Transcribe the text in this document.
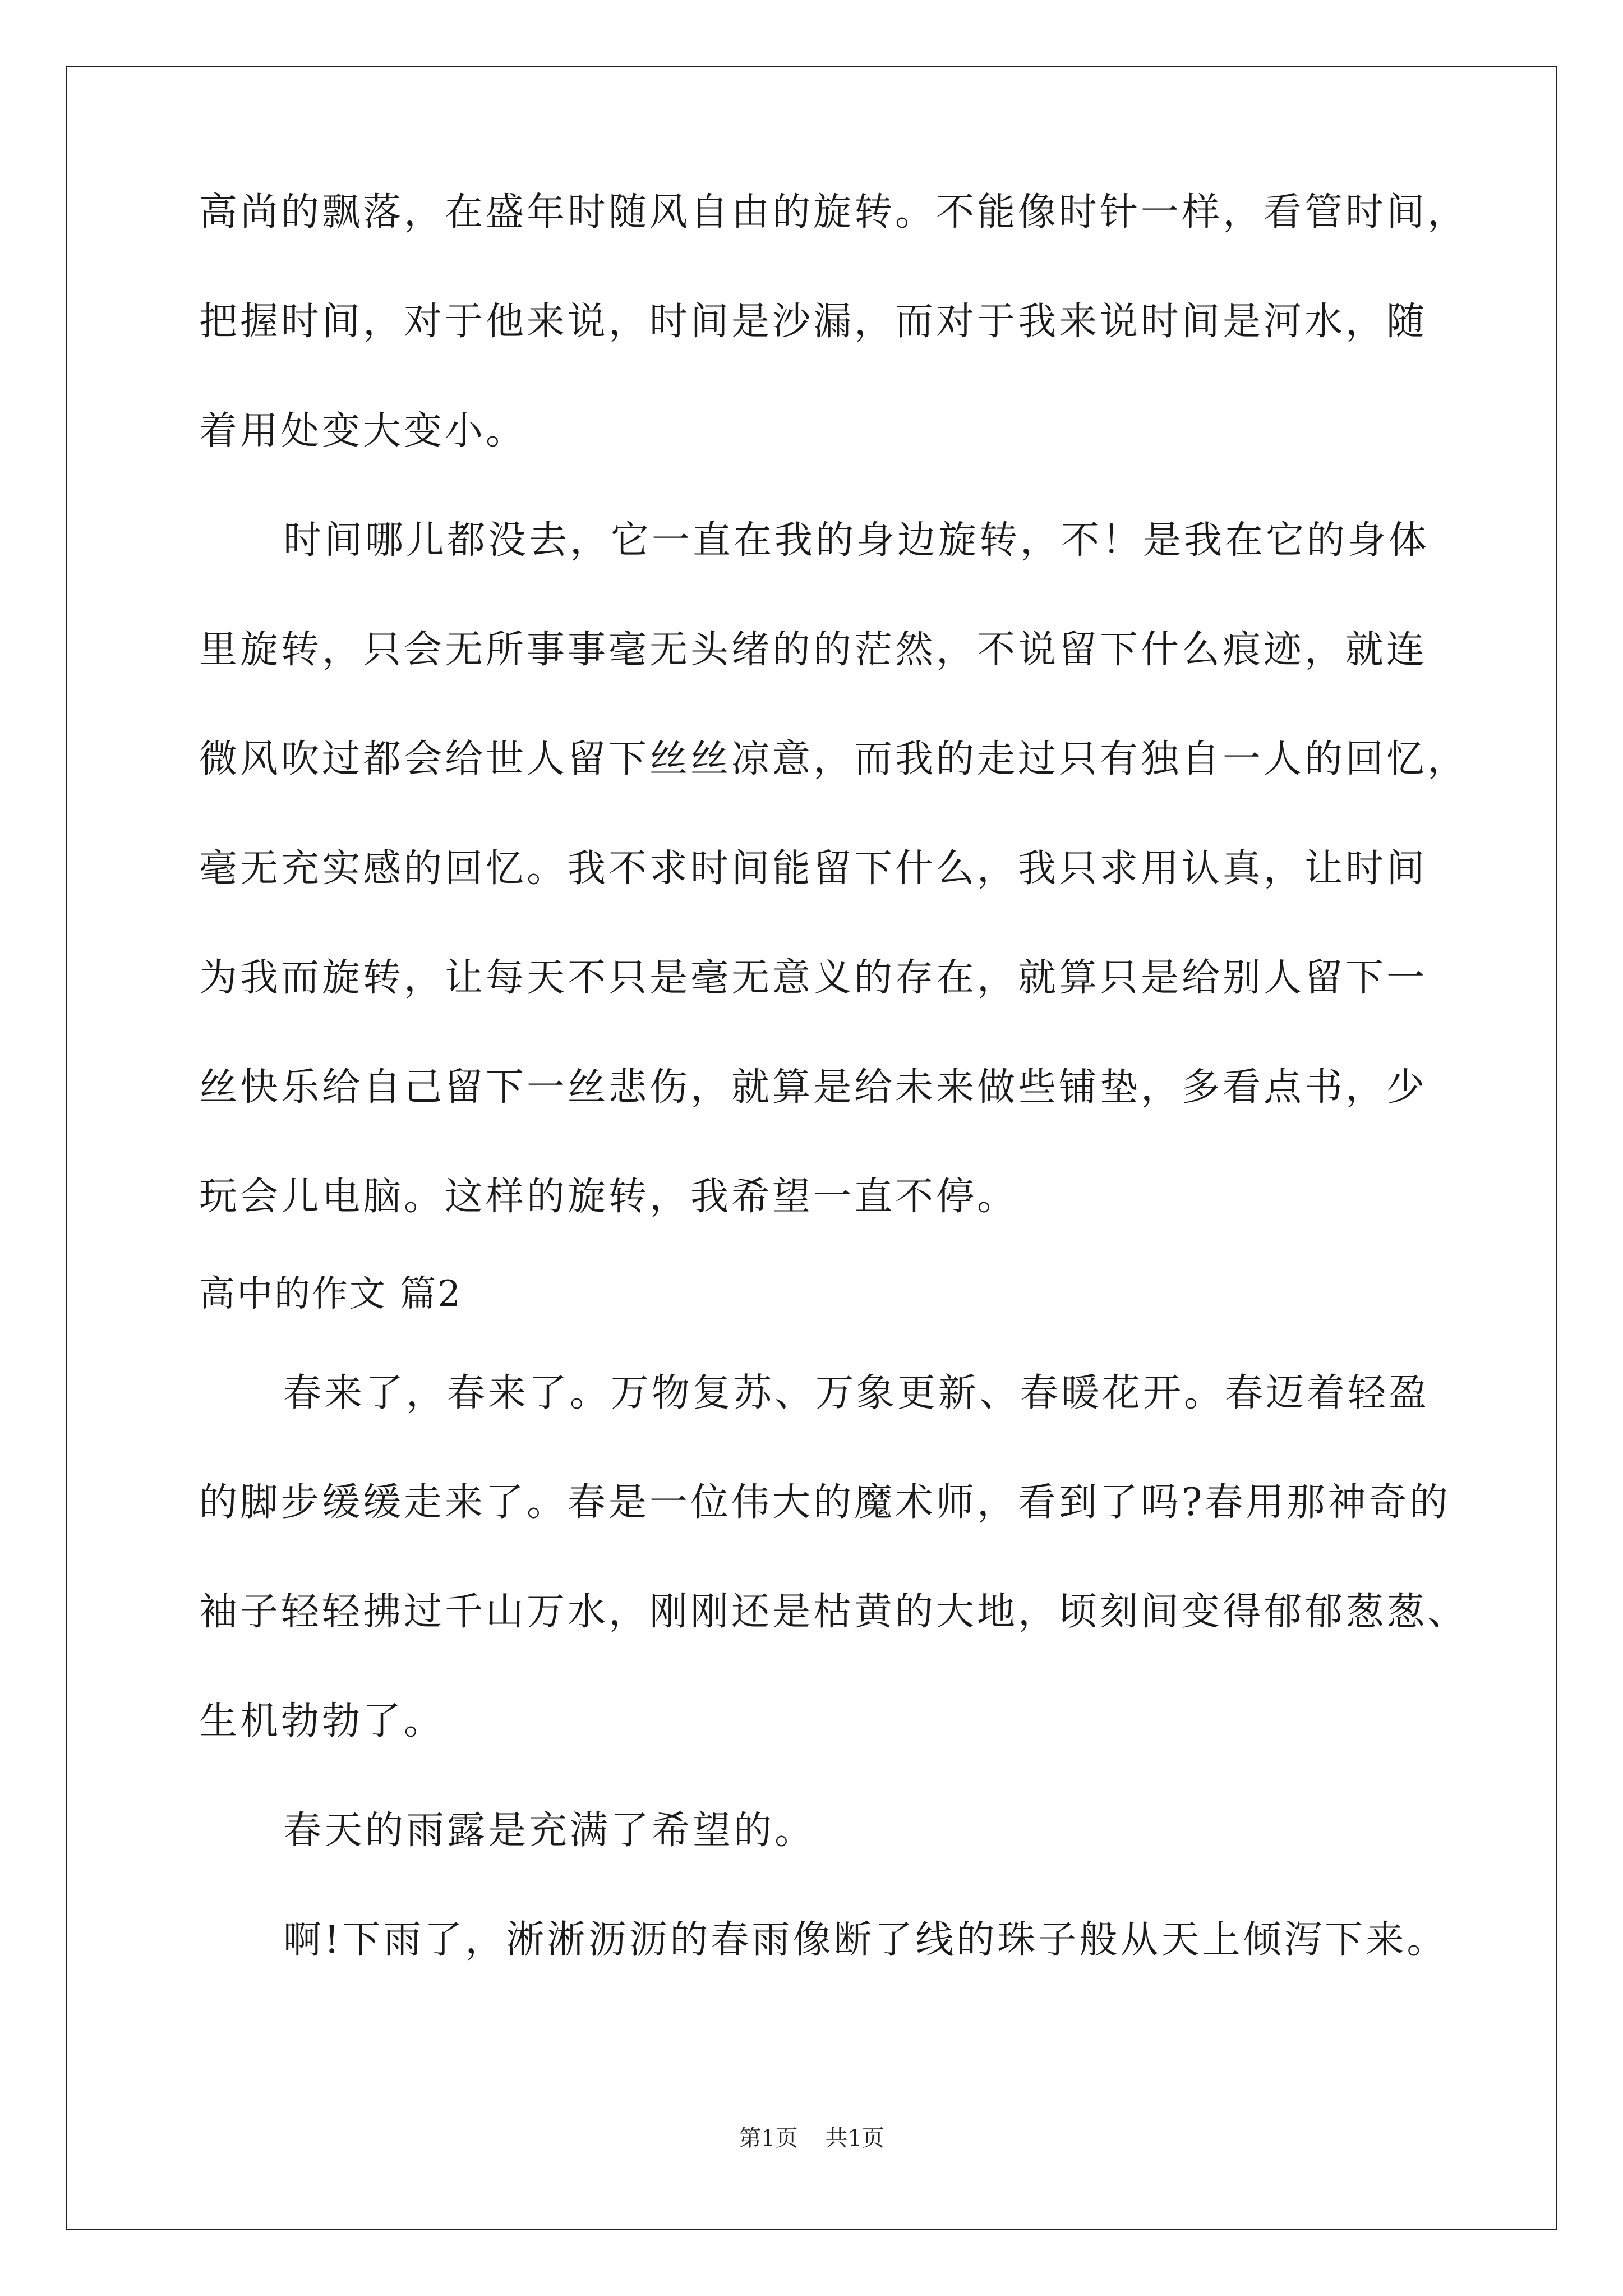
高尚的飘落，在盛年时随风自由的旋转。不能像时针一样，看管时间，
把握时间，对于他来说，时间是沙漏，而对于我来说时间是河水，随
着用处变大变小。
时间哪儿都没去，它一直在我的身边旋转，不！是我在它的身体
里旋转，只会无所事事毫无头绪的的茫然，不说留下什么痕迹，就连
微风吹过都会给世人留下丝丝凉意，而我的走过只有独自一人的回忆，
毫无充实感的回忆。我不求时间能留下什么，我只求用认真，让时间
为我而旋转，让每天不只是毫无意义的存在，就算只是给别人留下一
丝快乐给自己留下一丝悲伤，就算是给未来做些铺垫，多看点书，少
玩会儿电脑。这样的旋转，我希望一直不停。
高中的作文 篇2
春来了，春来了。万物复苏、万象更新、春暖花开。春迈着轻盈
的脚步缓缓走来了。春是一位伟大的魔术师，看到了吗?春用那神奇的
袖子轻轻拂过千山万水，刚刚还是枯黄的大地，顷刻间变得郁郁葱葱、
生机勃勃了。
春天的雨露是充满了希望的。
啊!下雨了，淅淅沥沥的春雨像断了线的珠子般从天上倾泻下来。
第1页 共1页
